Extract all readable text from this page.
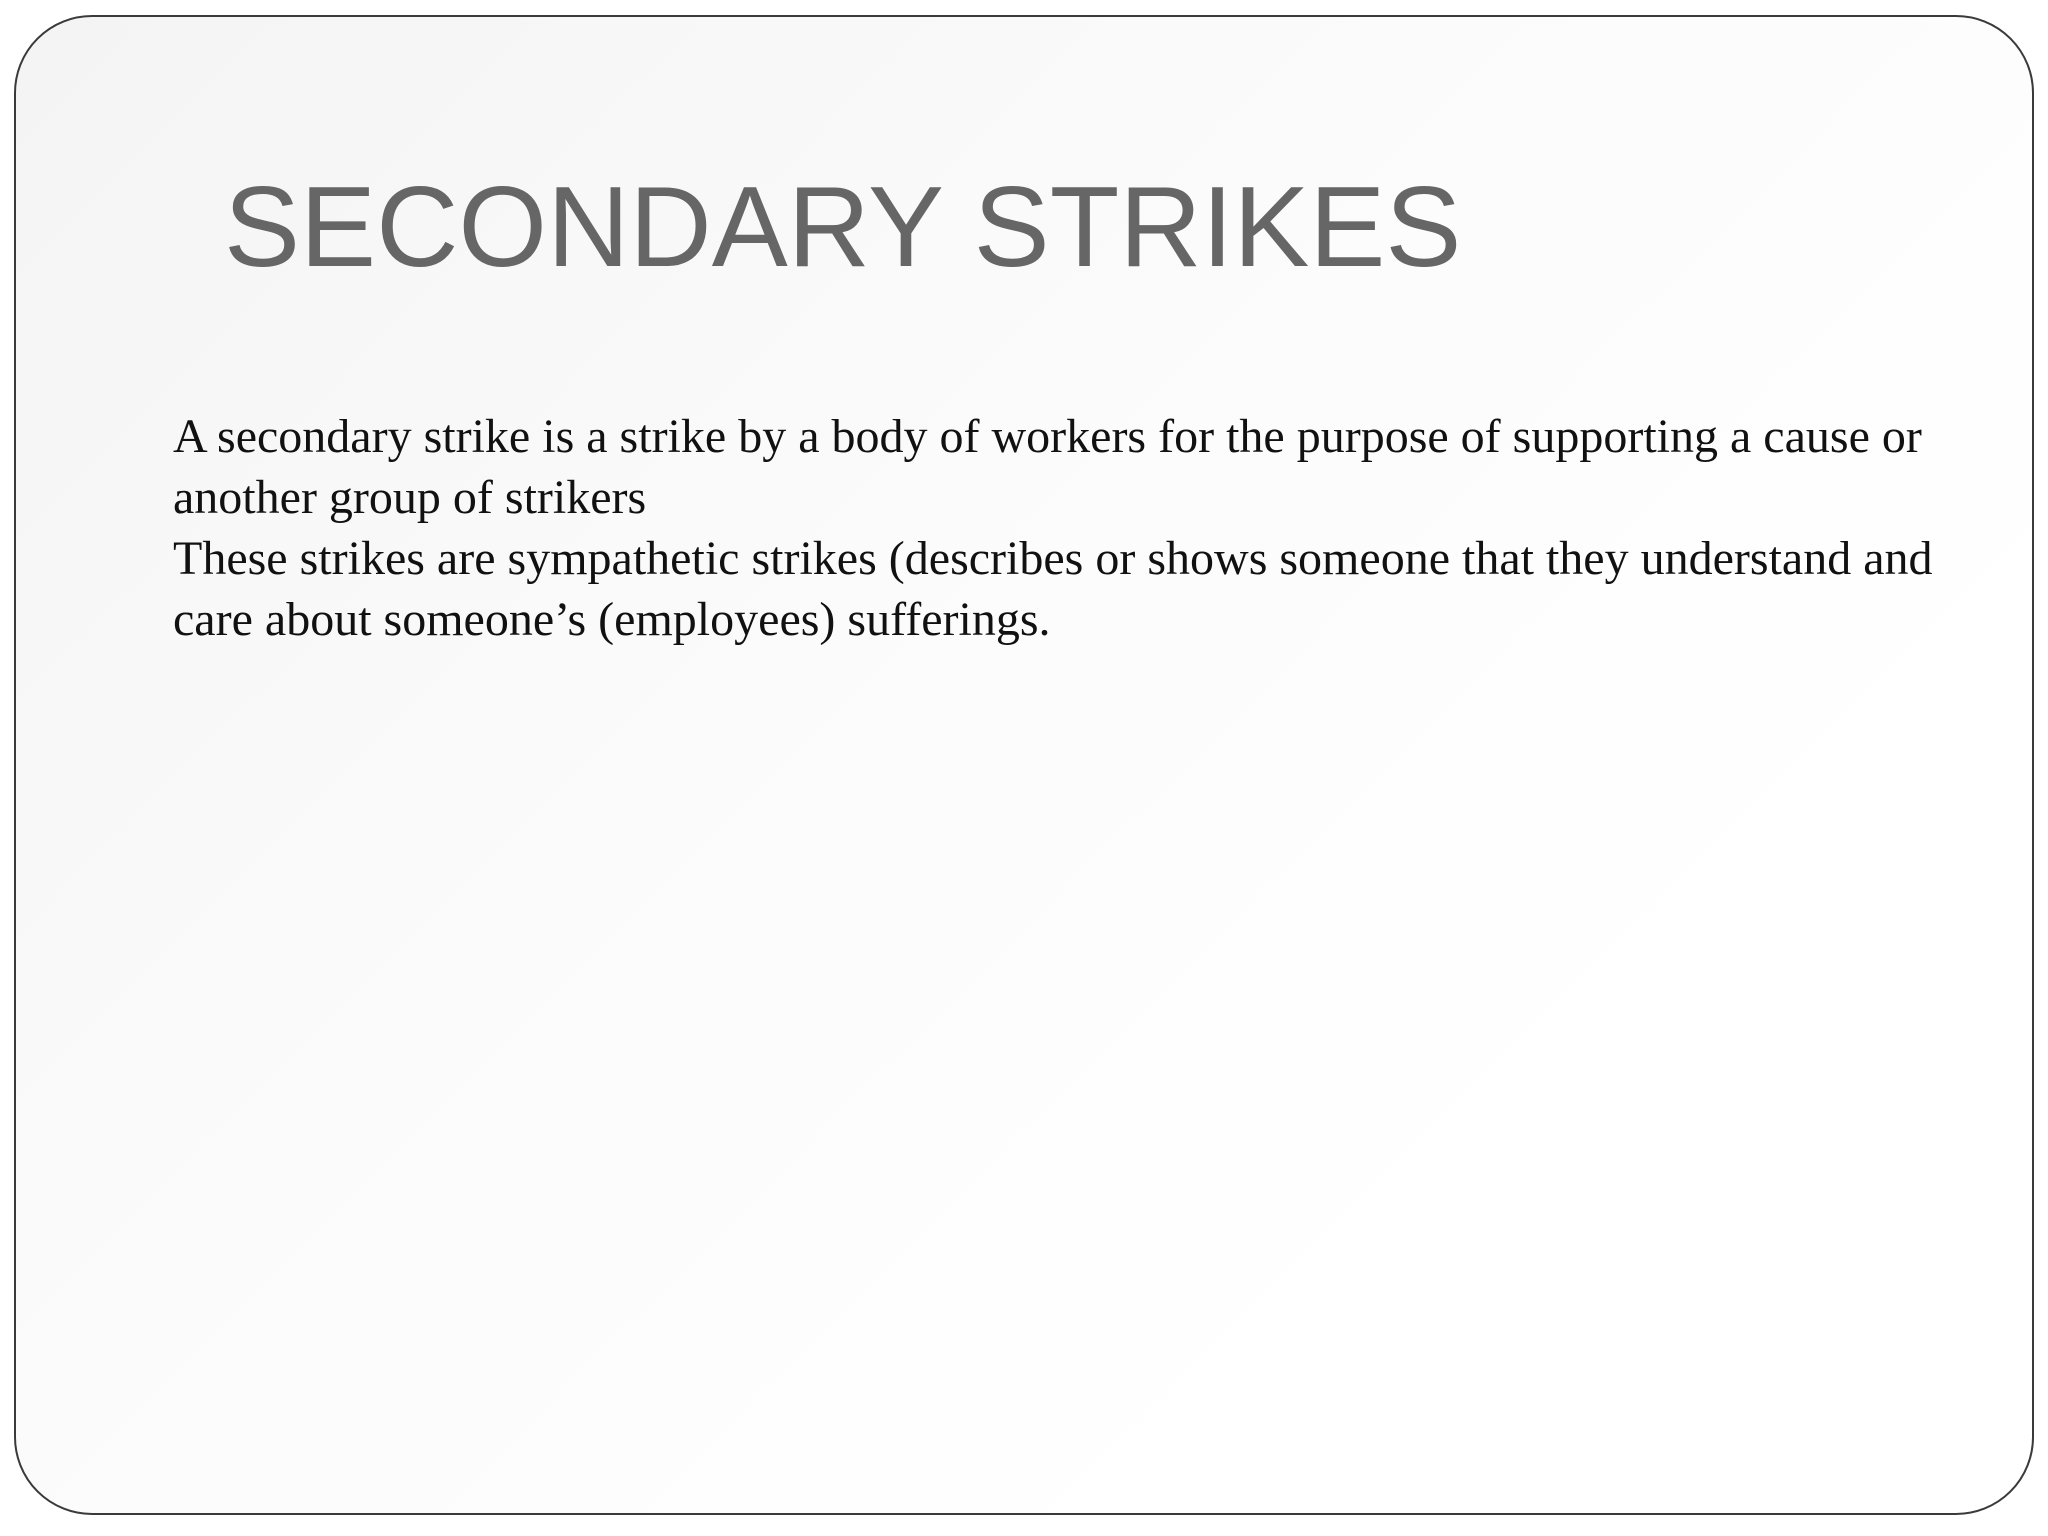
SECONDARY STRIKES

A secondary strike is a strike by a body of workers for the purpose of supporting a cause or another group of strikers

These strikes are sympathetic strikes (describes or shows someone that they understand and care about someone’s (employees) sufferings.
